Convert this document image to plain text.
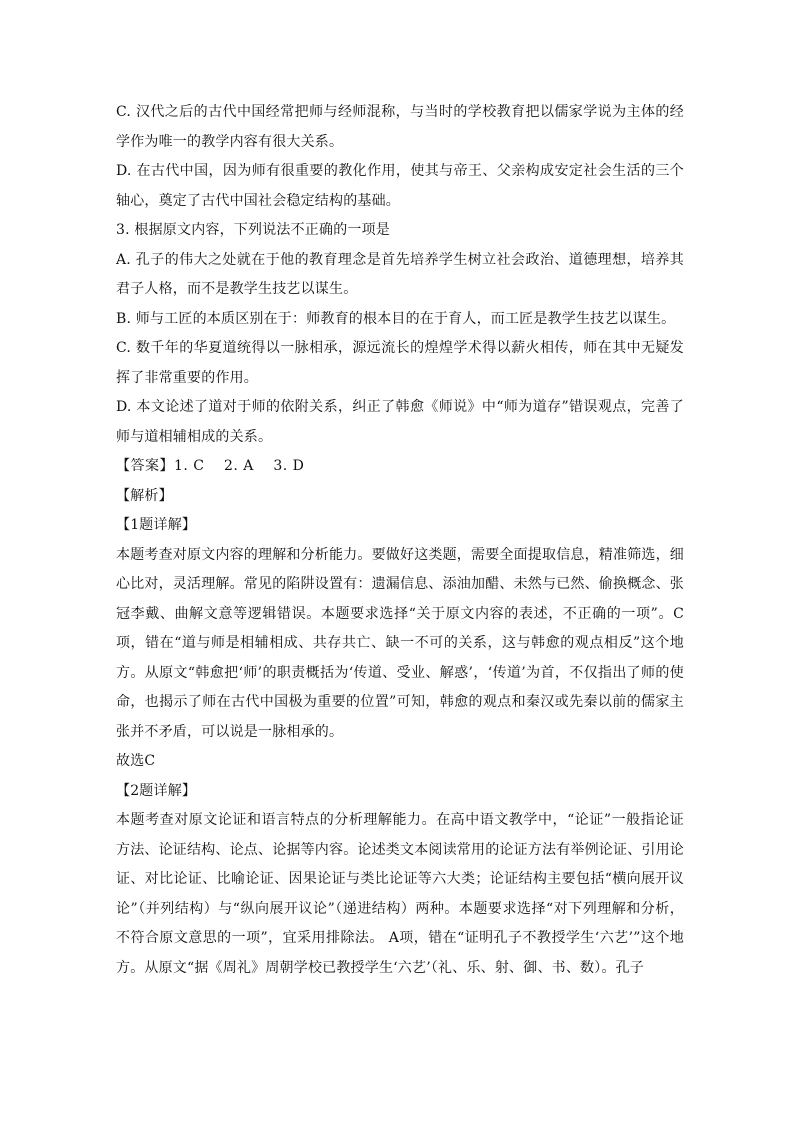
C. 汉代之后的古代中国经常把师与经师混称，与当时的学校教育把以儒家学说为主体的经学作为唯一的教学内容有很大关系。

D. 在古代中国，因为师有很重要的教化作用，使其与帝王、父亲构成安定社会生活的三个轴心，奠定了古代中国社会稳定结构的基础。

3. 根据原文内容，下列说法不正确的一项是

A. 孔子的伟大之处就在于他的教育理念是首先培养学生树立社会政治、道德理想，培养其君子人格，而不是教学生技艺以谋生。

B. 师与工匠的本质区别在于：师教育的根本目的在于育人，而工匠是教学生技艺以谋生。

C. 数千年的华夏道统得以一脉相承，源远流长的煌煌学术得以薪火相传，师在其中无疑发挥了非常重要的作用。

D. 本文论述了道对于师的依附关系，纠正了韩愈《师说》中“师为道存”错误观点，完善了师与道相辅相成的关系。

【答案】1. C　 2. A　 3. D

【解析】

【1题详解】

本题考查对原文内容的理解和分析能力。要做好这类题，需要全面提取信息，精准筛选，细心比对，灵活理解。常见的陷阱设置有：遗漏信息、添油加醋、未然与已然、偷换概念、张冠李戴、曲解文意等逻辑错误。本题要求选择“关于原文内容的表述，不正确的一项”。C项，错在“道与师是相辅相成、共存共亡、缺一不可的关系，这与韩愈的观点相反”这个地方。从原文“韩愈把‘师’的职责概括为‘传道、受业、解惑’，‘传道’为首，不仅指出了师的使命，也揭示了师在古代中国极为重要的位置”可知，韩愈的观点和秦汉或先秦以前的儒家主张并不矛盾，可以说是一脉相承的。

故选C

【2题详解】

本题考查对原文论证和语言特点的分析理解能力。在高中语文教学中，“论证”一般指论证方法、论证结构、论点、论据等内容。论述类文本阅读常用的论证方法有举例论证、引用论证、对比论证、比喻论证、因果论证与类比论证等六大类；论证结构主要包括“横向展开议论”（并列结构）与“纵向展开议论”（递进结构）两种。本题要求选择“对下列理解和分析，不符合原文意思的一项”，宜采用排除法。 A项，错在“证明孔子不教授学生‘六艺’”这个地方。从原文“据《周礼》周朝学校已教授学生‘六艺’（礼、乐、射、御、书、数）。孔子
